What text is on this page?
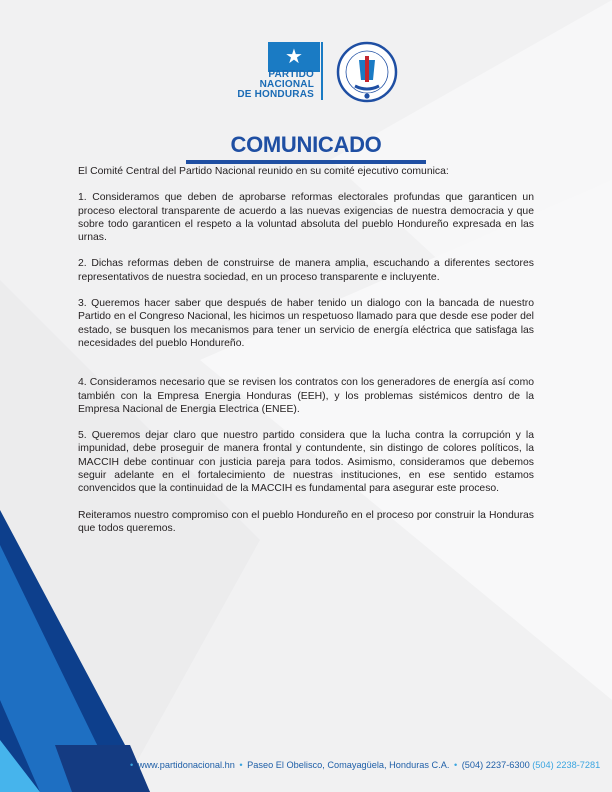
★
PARTIDO
NACIONAL
DE HONDURAS
COMUNICADO

El Comité Central del Partido Nacional reunido en su comité ejecutivo comunica:

1. Consideramos que deben de aprobarse reformas electorales profundas que garanticen un proceso electoral transparente de acuerdo a las nuevas exigencias de nuestra democracia y que sobre todo garanticen el respeto a la voluntad absoluta del pueblo Hondureño expresada en las urnas.

2. Dichas reformas deben de construirse de manera amplia, escuchando a diferentes sectores representativos de nuestra sociedad, en un proceso transparente e incluyente.

3. Queremos hacer saber que después de haber tenido un dialogo con la bancada de nuestro Partido en el Congreso Nacional, les hicimos un respetuoso llamado para que desde ese poder del estado, se busquen los mecanismos para tener un servicio de energía eléctrica que satisfaga las necesidades del pueblo Hondureño.

4. Consideramos necesario que se revisen los contratos con los generadores de energía así como también con la Empresa Energia Honduras (EEH), y los problemas sistémicos dentro de la Empresa Nacional de Energia Electrica (ENEE).

5. Queremos dejar claro que nuestro partido considera que la lucha contra la corrupción y la impunidad, debe proseguir de manera frontal y contundente, sin distingo de colores políticos, la MACCIH debe continuar con justicia pareja para todos. Asimismo, consideramos que debemos seguir adelante en el fortalecimiento de nuestras instituciones, en ese sentido estamos convencidos que la continuidad de la MACCIH es fundamental para asegurar este proceso.

Reiteramos nuestro compromiso con el pueblo Hondureño en el proceso por construir la Honduras que todos queremos.

• www.partidonacional.hn • Paseo El Obelisco, Comayagüela, Honduras C.A. • (504) 2237-6300 (504) 2238-7281
